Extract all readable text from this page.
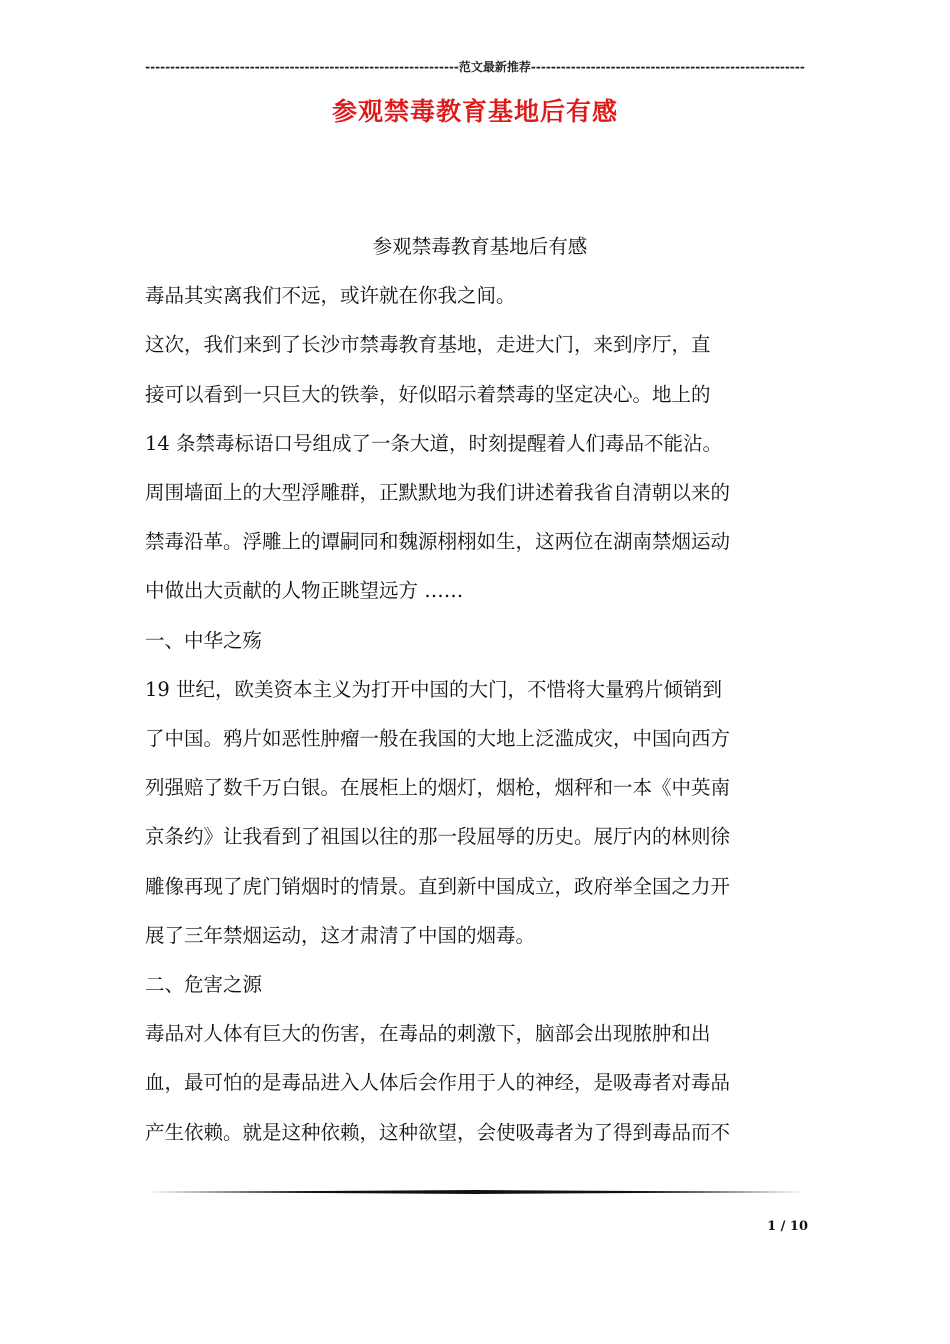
---------------------------------------------------------------范文最新推荐-------------------------------------------------------
参观禁毒教育基地后有感

参观禁毒教育基地后有感

毒品其实离我们不远，或许就在你我之间。

这次，我们来到了长沙市禁毒教育基地，走进大门，来到序厅，直

接可以看到一只巨大的铁拳，好似昭示着禁毒的坚定决心。地上的

14 条禁毒标语口号组成了一条大道，时刻提醒着人们毒品不能沾。

周围墙面上的大型浮雕群，正默默地为我们讲述着我省自清朝以来的

禁毒沿革。浮雕上的谭嗣同和魏源栩栩如生，这两位在湖南禁烟运动

中做出大贡献的人物正眺望远方 ……

一、中华之殇

19 世纪，欧美资本主义为打开中国的大门，不惜将大量鸦片倾销到

了中国。鸦片如恶性肿瘤一般在我国的大地上泛滥成灾，中国向西方

列强赔了数千万白银。在展柜上的烟灯，烟枪，烟秤和一本《中英南

京条约》让我看到了祖国以往的那一段屈辱的历史。展厅内的林则徐

雕像再现了虎门销烟时的情景。直到新中国成立，政府举全国之力开

展了三年禁烟运动，这才肃清了中国的烟毒。

二、危害之源

毒品对人体有巨大的伤害，在毒品的刺激下，脑部会出现脓肿和出

血，最可怕的是毒品进入人体后会作用于人的神经，是吸毒者对毒品

产生依赖。就是这种依赖，这种欲望，会使吸毒者为了得到毒品而不

1 / 10
